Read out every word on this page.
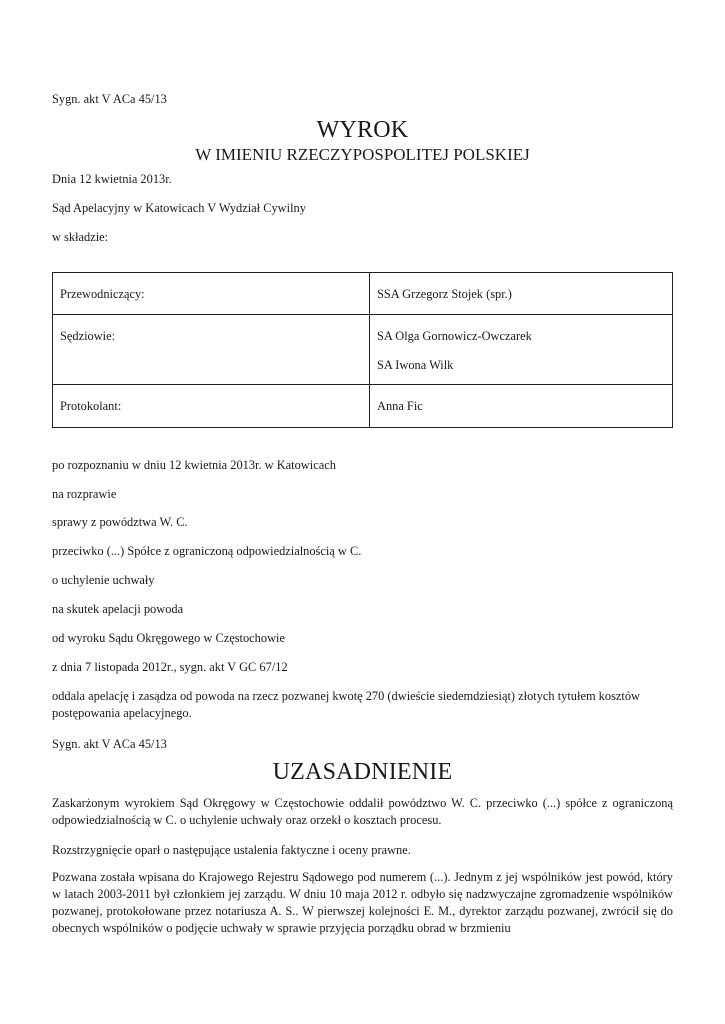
Sygn. akt V ACa 45/13
WYROK
W IMIENIU RZECZYPOSPOLITEJ POLSKIEJ
Dnia 12 kwietnia 2013r.
Sąd Apelacyjny w Katowicach V Wydział Cywilny
w składzie:
Przewodniczący:	SSA Grzegorz Stojek (spr.)
Sędziowie:	SA Olga Gornowicz-Owczarek
SA Iwona Wilk

Protokolant:	Anna Fic
po rozpoznaniu w dniu 12 kwietnia 2013r. w Katowicach
na rozprawie
sprawy z powództwa W. C.
przeciwko (...) Spółce z ograniczoną odpowiedzialnością w C.
o uchylenie uchwały
na skutek apelacji powoda
od wyroku Sądu Okręgowego w Częstochowie
z dnia 7 listopada 2012r., sygn. akt V GC 67/12
oddala apelację i zasądza od powoda na rzecz pozwanej kwotę 270 (dwieście siedemdziesiąt) złotych tytułem kosztów postępowania apelacyjnego.
Sygn. akt V ACa 45/13
UZASADNIENIE
Zaskarżonym wyrokiem Sąd Okręgowy w Częstochowie oddalił powództwo W. C. przeciwko (...) spółce z ograniczoną odpowiedzialnością w C. o uchylenie uchwały oraz orzekł o kosztach procesu.
Rozstrzygnięcie oparł o następujące ustalenia faktyczne i oceny prawne.
Pozwana została wpisana do Krajowego Rejestru Sądowego pod numerem (...). Jednym z jej wspólników jest powód, który w latach 2003-2011 był członkiem jej zarządu. W dniu 10 maja 2012 r. odbyło się nadzwyczajne zgromadzenie wspólników pozwanej, protokołowane przez notariusza A. S.. W pierwszej kolejności E. M., dyrektor zarządu pozwanej, zwrócił się do obecnych wspólników o podjęcie uchwały w sprawie przyjęcia porządku obrad w brzmieniu
